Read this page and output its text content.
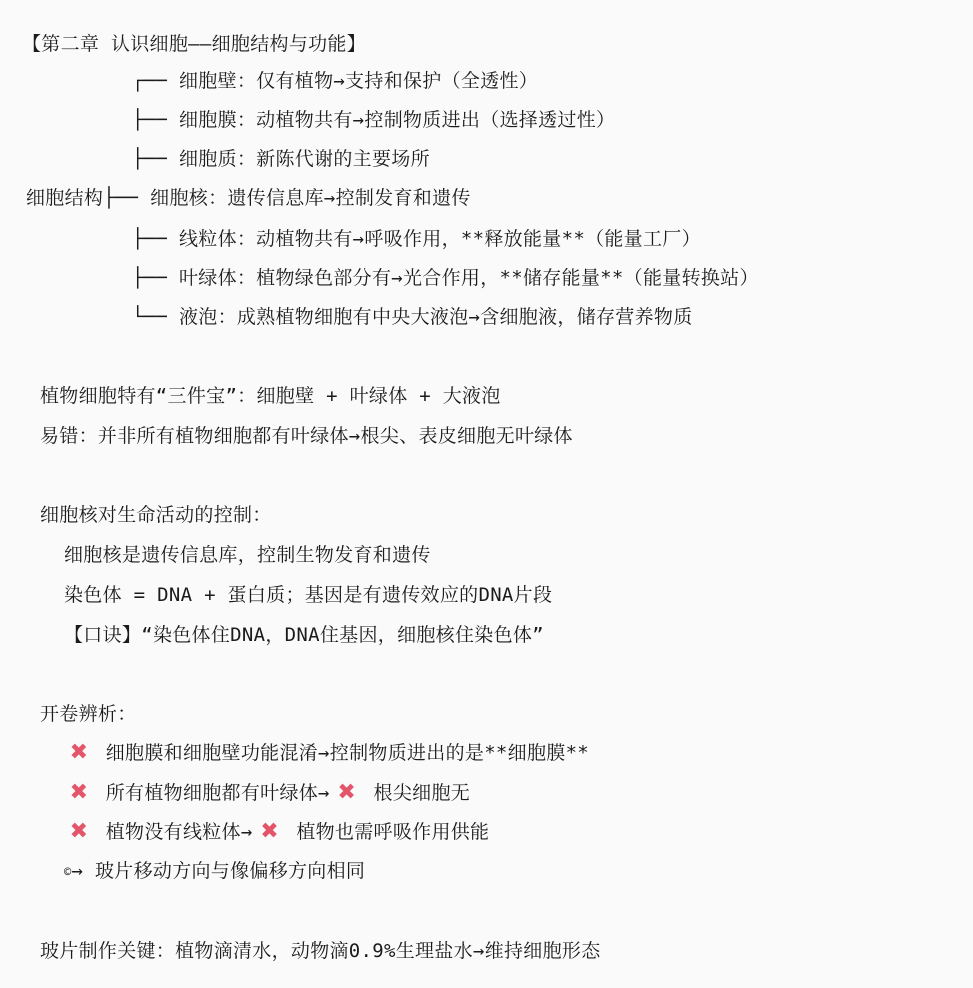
【第二章 认识细胞——细胞结构与功能】
┌── 细胞壁：仅有植物→支持和保护（全透性）
├── 细胞膜：动植物共有→控制物质进出（选择透过性）
├── 细胞质：新陈代谢的主要场所
细胞结构├── 细胞核：遗传信息库→控制发育和遗传
├── 线粒体：动植物共有→呼吸作用，**释放能量**（能量工厂）
├── 叶绿体：植物绿色部分有→光合作用，**储存能量**（能量转换站）
└── 液泡：成熟植物细胞有中央大液泡→含细胞液，储存营养物质
植物细胞特有“三件宝”：细胞壁 + 叶绿体 + 大液泡
易错：并非所有植物细胞都有叶绿体→根尖、表皮细胞无叶绿体
细胞核对生命活动的控制：
细胞核是遗传信息库，控制生物发育和遗传
染色体 = DNA + 蛋白质；基因是有遗传效应的DNA片段
【口诀】“染色体住DNA，DNA住基因，细胞核住染色体”
开卷辨析：
✖ 细胞膜和细胞壁功能混淆→控制物质进出的是**细胞膜**
✖ 所有植物细胞都有叶绿体→ ✖ 根尖细胞无
✖ 植物没有线粒体→ ✖ 植物也需呼吸作用供能
©→ 玻片移动方向与像偏移方向相同
玻片制作关键：植物滴清水，动物滴0.9%生理盐水→维持细胞形态
